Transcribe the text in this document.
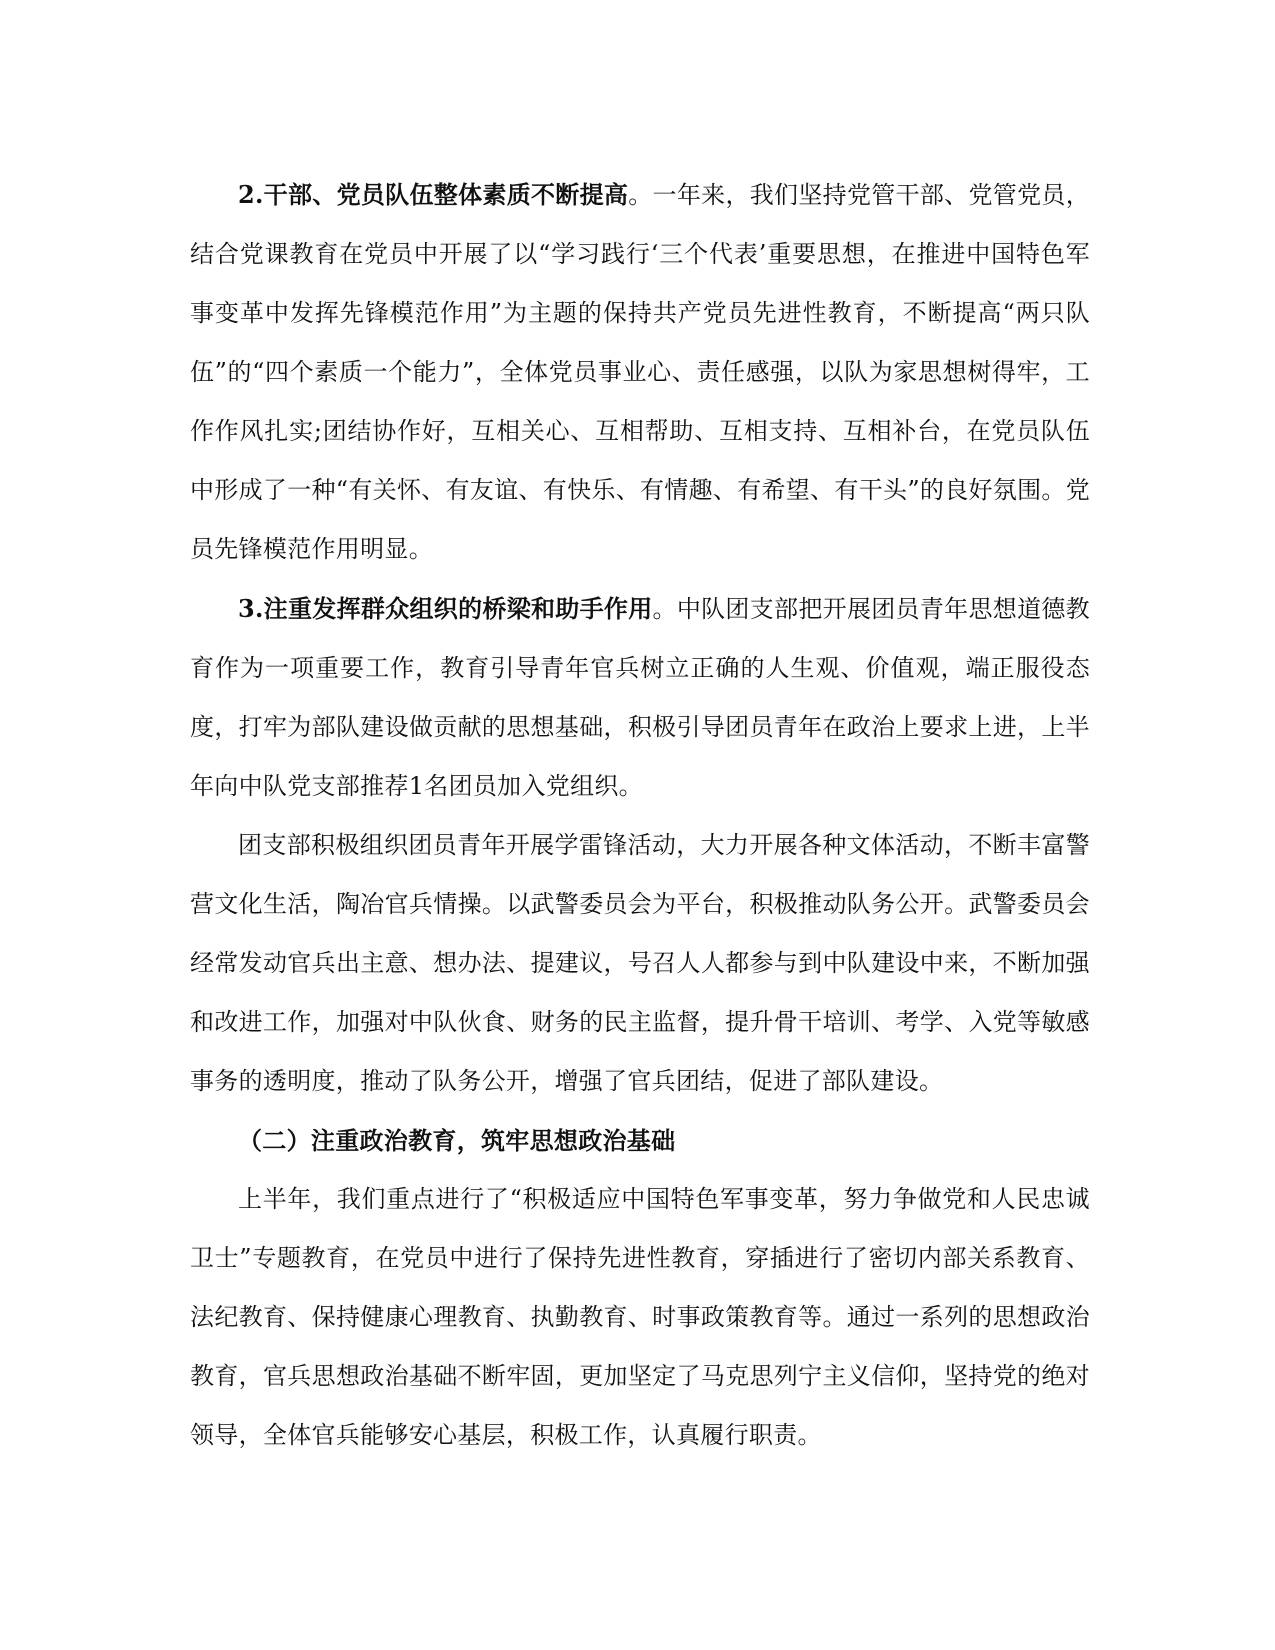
2.干部、党员队伍整体素质不断提高。一年来，我们坚持党管干部、党管党员，结合党课教育在党员中开展了以“学习践行‘三个代表’重要思想，在推进中国特色军事变革中发挥先锋模范作用”为主题的保持共产党员先进性教育，不断提高“两只队伍”的“四个素质一个能力”，全体党员事业心、责任感强，以队为家思想树得牢，工作作风扎实;团结协作好，互相关心、互相帮助、互相支持、互相补台，在党员队伍中形成了一种“有关怀、有友谊、有快乐、有情趣、有希望、有干头”的良好氛围。党员先锋模范作用明显。

3.注重发挥群众组织的桥梁和助手作用。中队团支部把开展团员青年思想道德教育作为一项重要工作，教育引导青年官兵树立正确的人生观、价值观，端正服役态度，打牢为部队建设做贡献的思想基础，积极引导团员青年在政治上要求上进，上半年向中队党支部推荐1名团员加入党组织。

团支部积极组织团员青年开展学雷锋活动，大力开展各种文体活动，不断丰富警营文化生活，陶冶官兵情操。以武警委员会为平台，积极推动队务公开。武警委员会经常发动官兵出主意、想办法、提建议，号召人人都参与到中队建设中来，不断加强和改进工作，加强对中队伙食、财务的民主监督，提升骨干培训、考学、入党等敏感事务的透明度，推动了队务公开，增强了官兵团结，促进了部队建设。

（二）注重政治教育，筑牢思想政治基础

上半年，我们重点进行了“积极适应中国特色军事变革，努力争做党和人民忠诚卫士”专题教育，在党员中进行了保持先进性教育，穿插进行了密切内部关系教育、法纪教育、保持健康心理教育、执勤教育、时事政策教育等。通过一系列的思想政治教育，官兵思想政治基础不断牢固，更加坚定了马克思列宁主义信仰，坚持党的绝对领导，全体官兵能够安心基层，积极工作，认真履行职责。
